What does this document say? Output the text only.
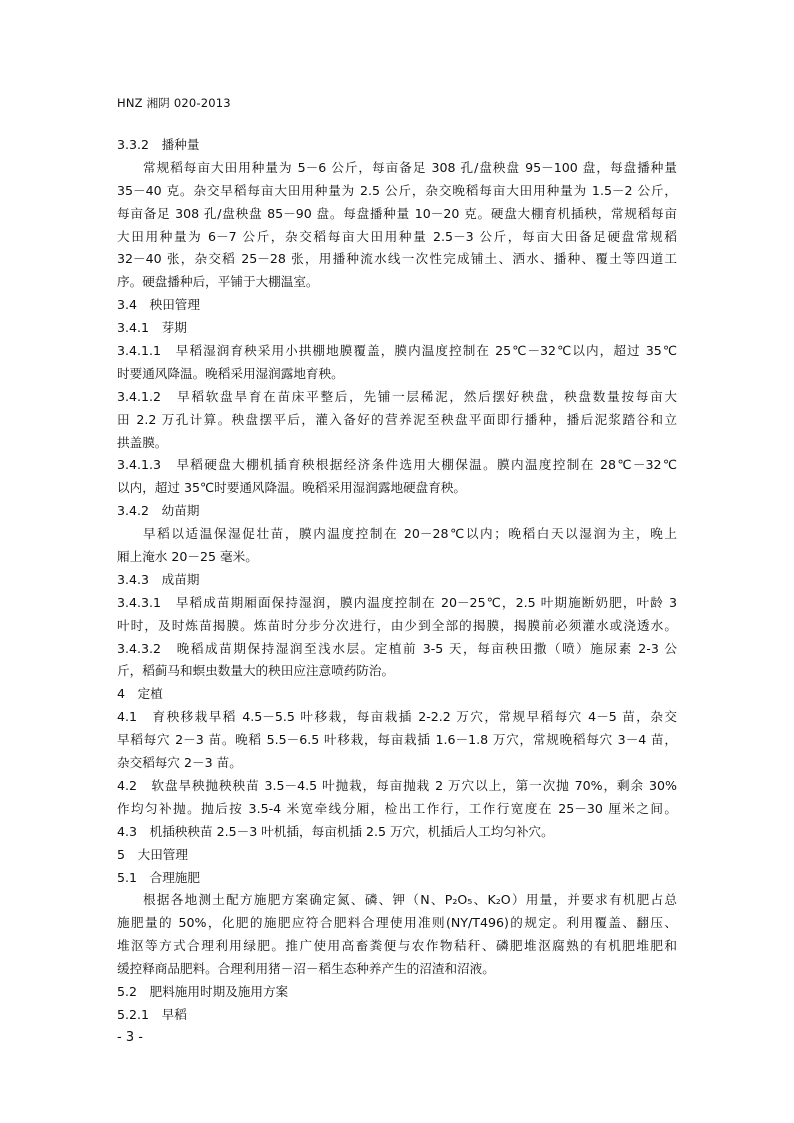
HNZ 湘阴 020-2013
3.3.2　播种量
常规稻每亩大田用种量为 5－6 公斤，每亩备足 308 孔/盘秧盘 95－100 盘，每盘播种量
35－40 克。杂交早稻每亩大田用种量为 2.5 公斤，杂交晚稻每亩大田用种量为 1.5－2 公斤，
每亩备足 308 孔/盘秧盘 85－90 盘。每盘播种量 10－20 克。硬盘大棚育机插秧，常规稻每亩
大田用种量为 6－7 公斤，杂交稻每亩大田用种量 2.5－3 公斤，每亩大田备足硬盘常规稻
32－40 张，杂交稻 25－28 张，用播种流水线一次性完成铺土、洒水、播种、覆土等四道工
序。硬盘播种后，平铺于大棚温室。
3.4　秧田管理
3.4.1　芽期
3.4.1.1　早稻湿润育秧采用小拱棚地膜覆盖，膜内温度控制在 25℃－32℃以内，超过 35℃
时要通风降温。晚稻采用湿润露地育秧。
3.4.1.2　早稻软盘旱育在苗床平整后，先铺一层稀泥，然后摆好秧盘，秧盘数量按每亩大
田 2.2 万孔计算。秧盘摆平后，灌入备好的营养泥至秧盘平面即行播种，播后泥浆踏谷和立
拱盖膜。
3.4.1.3　早稻硬盘大棚机插育秧根据经济条件选用大棚保温。膜内温度控制在 28℃－32℃
以内，超过 35℃时要通风降温。晚稻采用湿润露地硬盘育秧。
3.4.2　幼苗期
早稻以适温保湿促壮苗，膜内温度控制在 20－28℃以内；晚稻白天以湿润为主，晚上
厢上淹水 20－25 毫米。
3.4.3　成苗期
3.4.3.1　早稻成苗期厢面保持湿润，膜内温度控制在 20－25℃，2.5 叶期施断奶肥，叶龄 3
叶时，及时炼苗揭膜。炼苗时分步分次进行，由少到全部的揭膜，揭膜前必须灌水或浇透水。
3.4.3.2　晚稻成苗期保持湿润至浅水层。定植前 3-5 天，每亩秧田撒（喷）施尿素 2-3 公
斤，稻蓟马和螟虫数量大的秧田应注意喷药防治。
4　定植
4.1　育秧移栽早稻 4.5－5.5 叶移栽，每亩栽插 2-2.2 万穴，常规早稻每穴 4－5 苗，杂交
早稻每穴 2－3 苗。晚稻 5.5－6.5 叶移栽，每亩栽插 1.6－1.8 万穴，常规晚稻每穴 3－4 苗，
杂交稻每穴 2－3 苗。
4.2　软盘旱秧抛秧秧苗 3.5－4.5 叶抛栽，每亩抛栽 2 万穴以上，第一次抛 70%，剩余 30%
作均匀补抛。抛后按 3.5-4 米宽牵线分厢，检出工作行，工作行宽度在 25－30 厘米之间。
4.3　机插秧秧苗 2.5－3 叶机插，每亩机插 2.5 万穴，机插后人工均匀补穴。
5　大田管理
5.1　合理施肥
根据各地测土配方施肥方案确定氮、磷、钾（N、P₂O₅、K₂O）用量，并要求有机肥占总
施肥量的 50%，化肥的施肥应符合肥料合理使用准则(NY/T496)的规定。利用覆盖、翻压、
堆沤等方式合理利用绿肥。推广使用高畜粪便与农作物秸秆、磷肥堆沤腐熟的有机肥堆肥和
缓控释商品肥料。合理利用猪－沼－稻生态种养产生的沼渣和沼液。
5.2　肥料施用时期及施用方案
5.2.1　早稻
- 3 -
